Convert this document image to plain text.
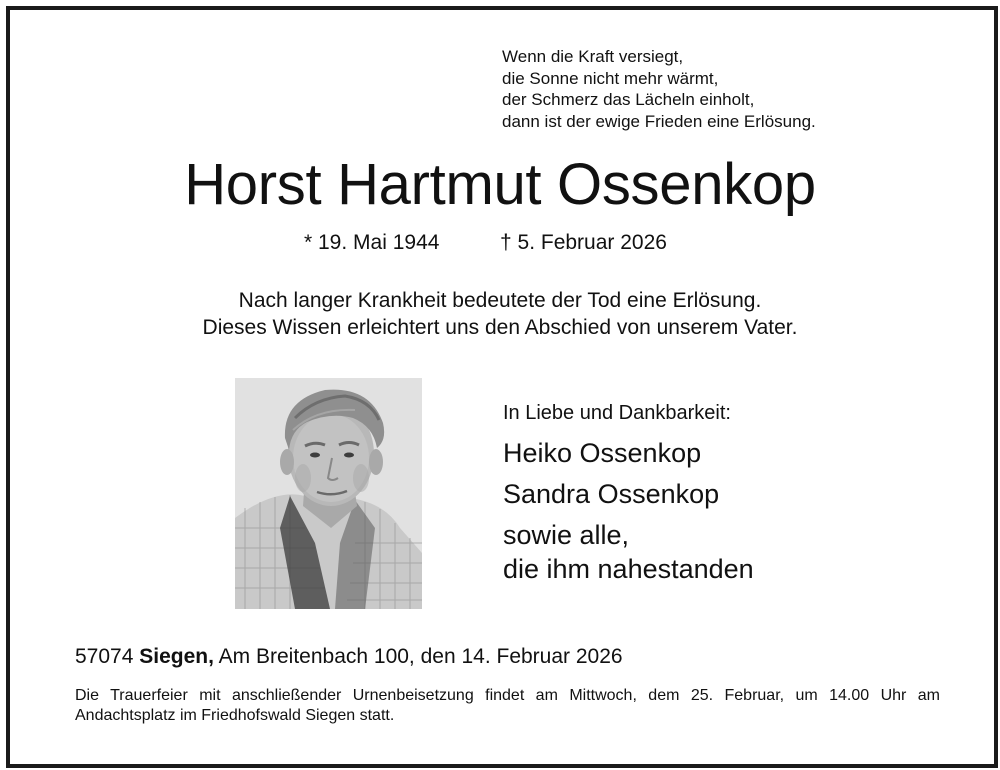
Wenn die Kraft versiegt,
die Sonne nicht mehr wärmt,
der Schmerz das Lächeln einholt,
dann ist der ewige Frieden eine Erlösung.
Horst Hartmut Ossenkop
* 19. Mai 1944	† 5. Februar 2026
Nach langer Krankheit bedeutete der Tod eine Erlösung.
Dieses Wissen erleichtert uns den Abschied von unserem Vater.
In Liebe und Dankbarkeit:
Heiko Ossenkop
Sandra Ossenkop
sowie alle,
die ihm nahestanden
57074 Siegen, Am Breitenbach 100, den 14. Februar 2026
Die Trauerfeier mit anschließender Urnenbeisetzung findet am Mittwoch, dem 25. Februar, um 14.00 Uhr am Andachtsplatz im Friedhofswald Siegen statt.
